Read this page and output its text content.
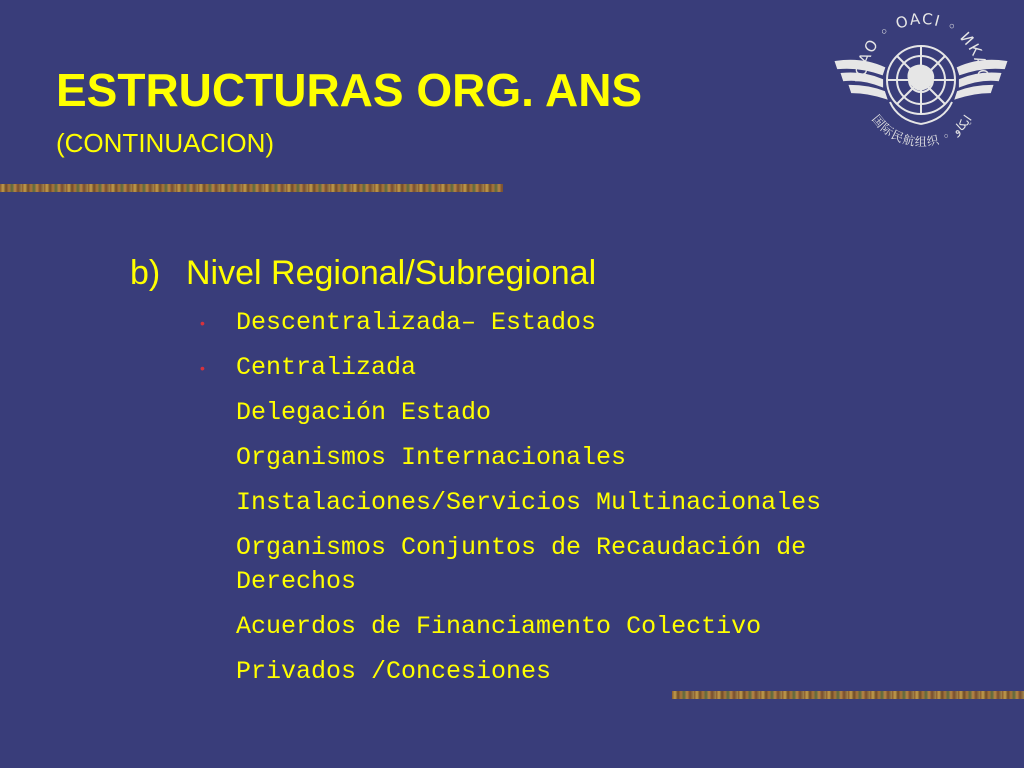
ESTRUCTURAS ORG. ANS
(CONTINUACION)
ICAO ◦ OACI ◦ ИКАО
国际民航组织 ◦ ايكاو
b) Nivel Regional/Subregional
• Descentralizada– Estados
• Centralizada
Delegación Estado
Organismos Internacionales
Instalaciones/Servicios Multinacionales
Organismos Conjuntos de Recaudación de Derechos
Acuerdos de Financiamento Colectivo
Privados /Concesiones
